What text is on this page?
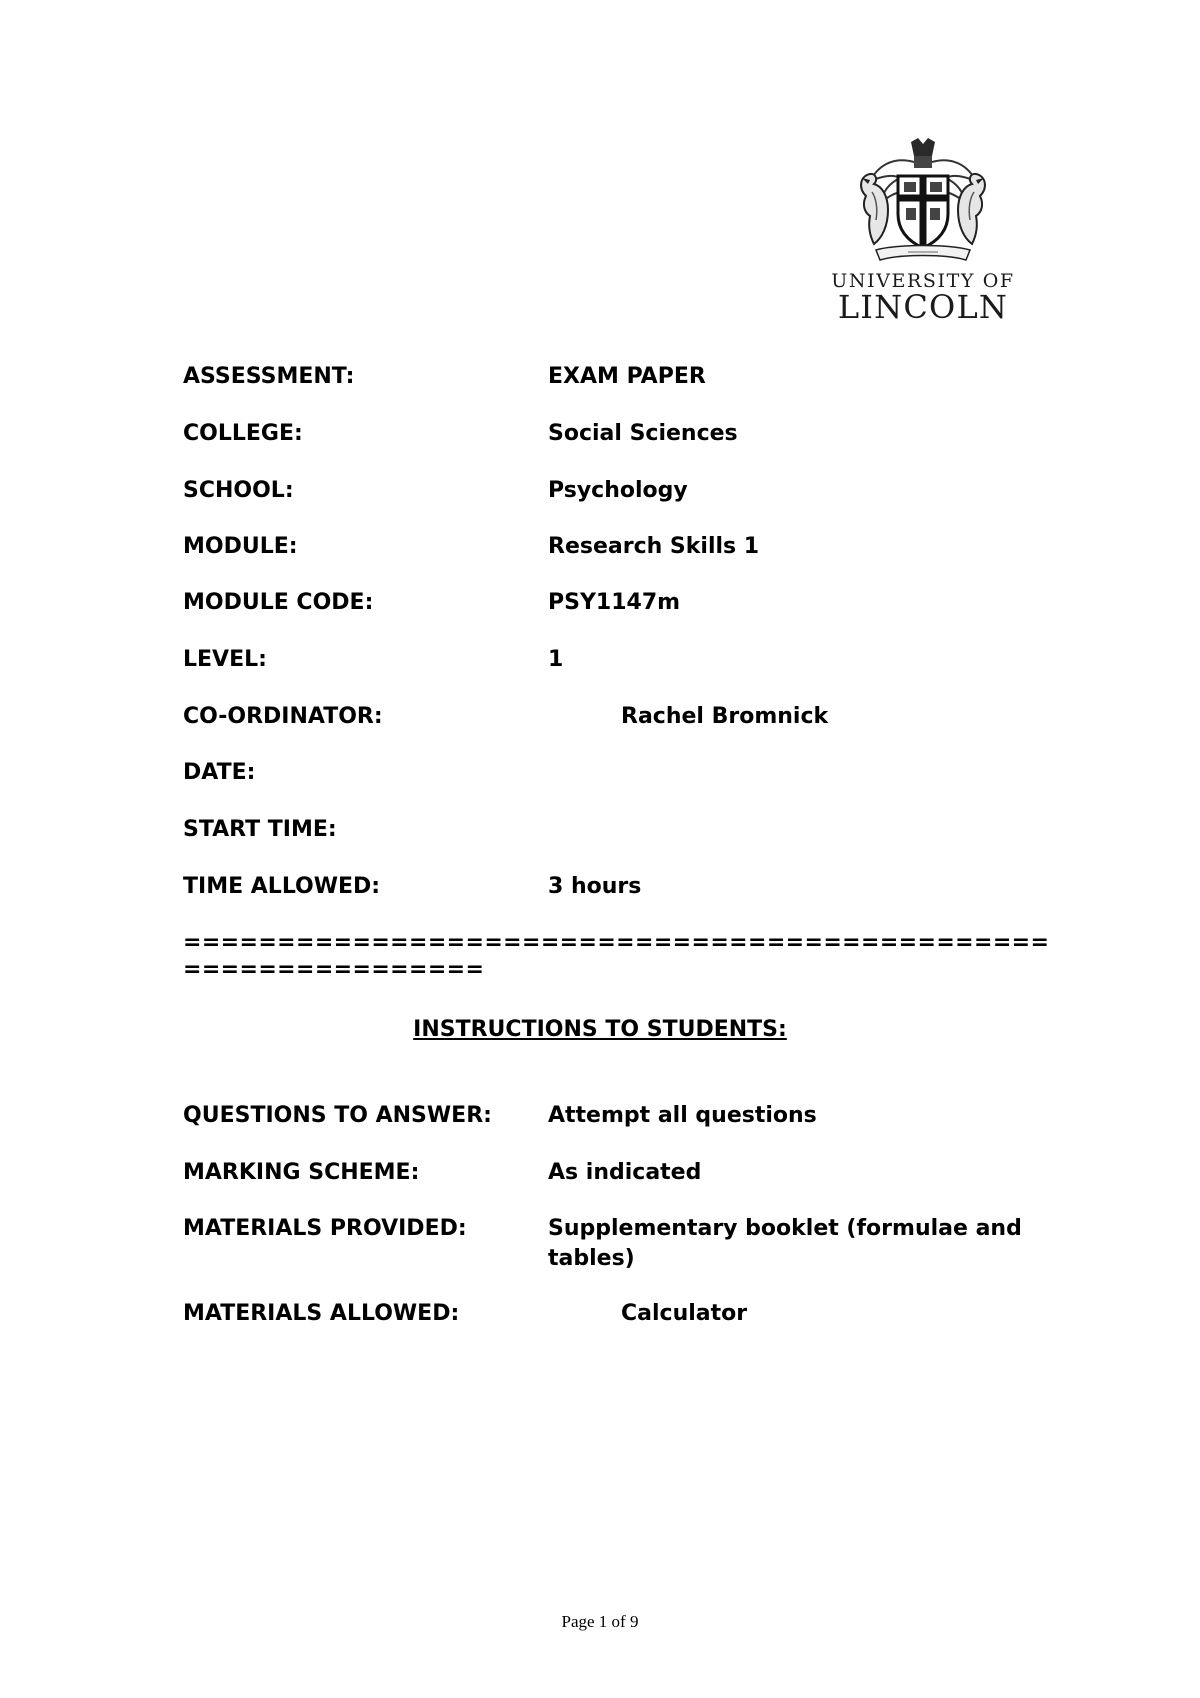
UNIVERSITY OF
LINCOLN
ASSESSMENT:	EXAM PAPER
COLLEGE:	Social Sciences
SCHOOL:	Psychology
MODULE:	Research Skills 1
MODULE CODE:	PSY1147m
LEVEL:	1
CO-ORDINATOR:	Rachel Bromnick
DATE:
START TIME:
TIME ALLOWED:	3 hours
==============================================
================
INSTRUCTIONS TO STUDENTS:
QUESTIONS TO ANSWER:	Attempt all questions
MARKING SCHEME:	As indicated
MATERIALS PROVIDED:	Supplementary booklet (formulae and tables)
MATERIALS ALLOWED:	Calculator
Page 1 of 9
